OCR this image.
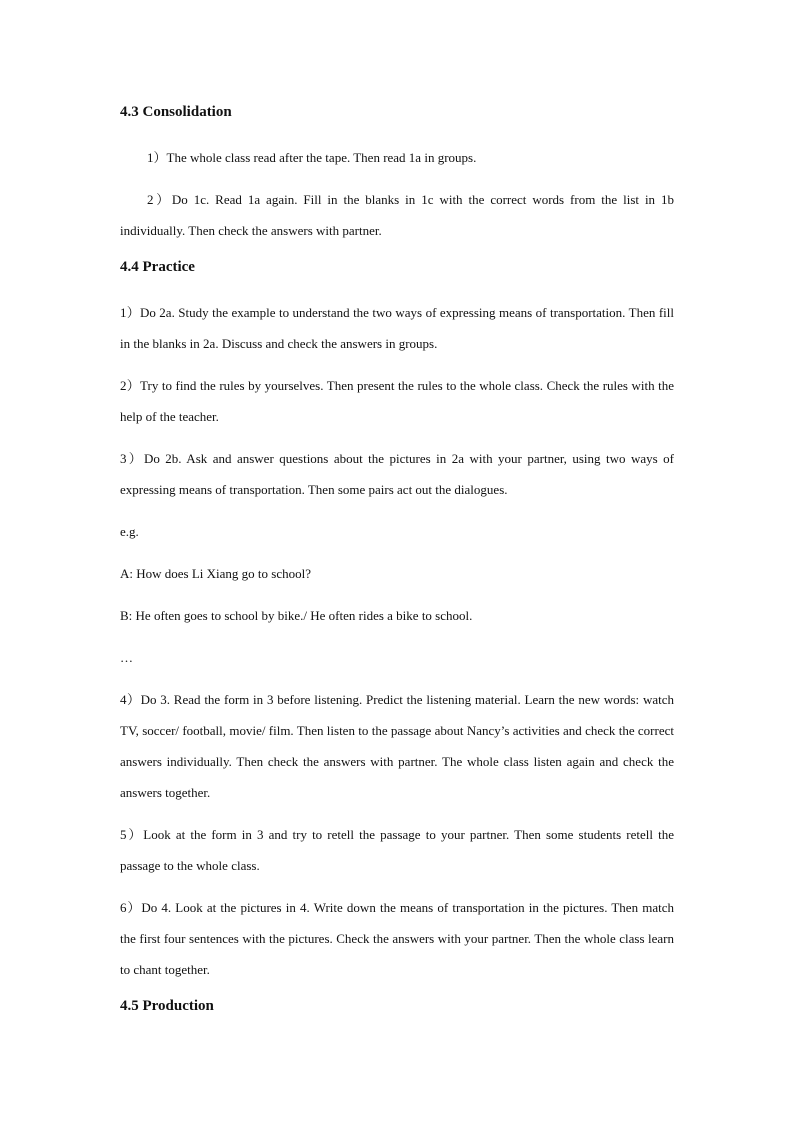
4.3 Consolidation

1）The whole class read after the tape. Then read 1a in groups.

2）Do 1c. Read 1a again. Fill in the blanks in 1c with the correct words from the list in 1b individually. Then check the answers with partner.

4.4 Practice

1）Do 2a. Study the example to understand the two ways of expressing means of transportation. Then fill in the blanks in 2a. Discuss and check the answers in groups.

2）Try to find the rules by yourselves. Then present the rules to the whole class. Check the rules with the help of the teacher.

3）Do 2b. Ask and answer questions about the pictures in 2a with your partner, using two ways of expressing means of transportation. Then some pairs act out the dialogues.

e.g.
A: How does Li Xiang go to school?
B: He often goes to school by bike./ He often rides a bike to school.
…

4）Do 3. Read the form in 3 before listening. Predict the listening material. Learn the new words: watch TV, soccer/ football, movie/ film. Then listen to the passage about Nancy’s activities and check the correct answers individually. Then check the answers with partner. The whole class listen again and check the answers together.

5）Look at the form in 3 and try to retell the passage to your partner. Then some students retell the passage to the whole class.

6）Do 4. Look at the pictures in 4. Write down the means of transportation in the pictures. Then match the first four sentences with the pictures. Check the answers with your partner. Then the whole class learn to chant together.

4.5 Production
